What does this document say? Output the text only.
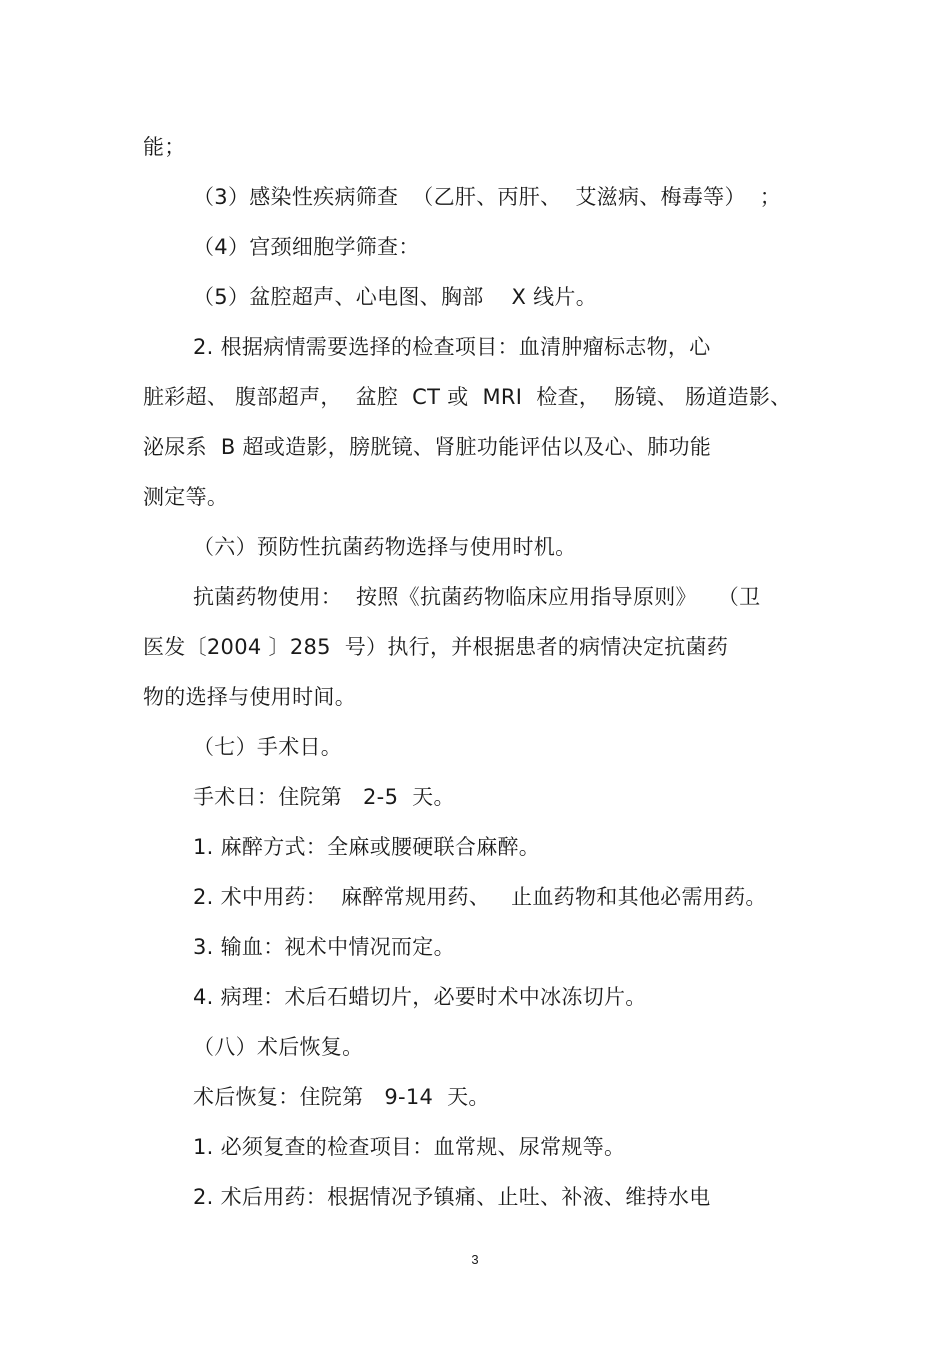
能；
（3）感染性疾病筛查  （乙肝、丙肝、  艾滋病、梅毒等）  ；
（4）宫颈细胞学筛查：
（5）盆腔超声、心电图、胸部    X 线片。
2. 根据病情需要选择的检查项目：血清肿瘤标志物，心
脏彩超、 腹部超声，  盆腔  CT 或  MRI  检查，  肠镜、 肠道造影、
泌尿系  B 超或造影，膀胱镜、肾脏功能评估以及心、肺功能
测定等。
（六）预防性抗菌药物选择与使用时机。
抗菌药物使用：  按照《抗菌药物临床应用指导原则》   （卫
医发〔2004 〕285  号）执行，并根据患者的病情决定抗菌药
物的选择与使用时间。
（七）手术日。
手术日：住院第   2-5  天。
1. 麻醉方式：全麻或腰硬联合麻醉。
2. 术中用药：  麻醉常规用药、   止血药物和其他必需用药。
3. 输血：视术中情况而定。
4. 病理：术后石蜡切片，必要时术中冰冻切片。
（八）术后恢复。
术后恢复：住院第   9-14  天。
1. 必须复查的检查项目：血常规、尿常规等。
2. 术后用药：根据情况予镇痛、止吐、补液、维持水电
3
